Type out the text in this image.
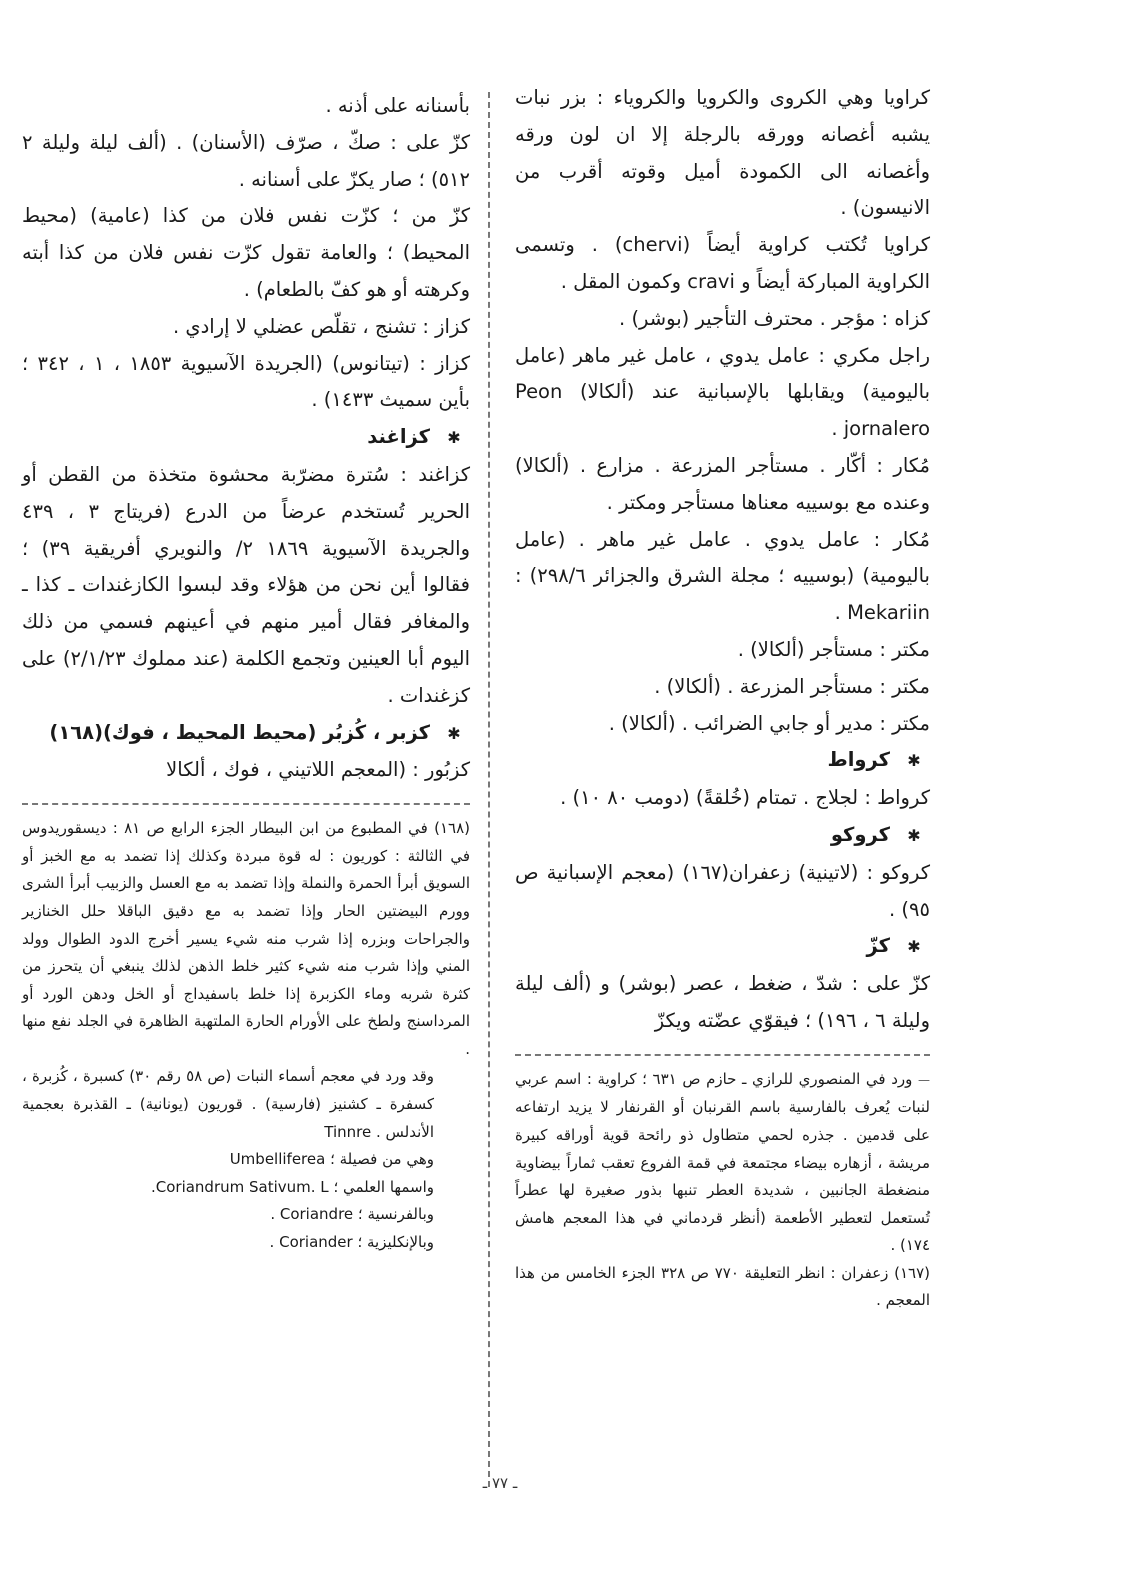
كراويا وهي الكروى والكرويا والكروياء : بزر نبات يشبه أغصانه وورقه بالرجلة إلا ان لون ورقه وأغصانه الى الكمودة أميل وقوته أقرب من الانيسون) .

كراويا تُكتب كراوية أيضاً (chervi) . وتسمى الكراوية المباركة أيضاً و cravi وكمون المقل .

كزاه : مؤجر . محترف التأجير (بوشر) .

راجل مكري : عامل يدوي ، عامل غير ماهر (عامل باليومية) ويقابلها بالإسبانية عند (ألكالا) Peon jornalero .

مُكار : أكّار . مستأجر المزرعة . مزارع . (ألكالا) وعنده مع بوسييه معناها مستأجر ومكتر .

مُكار : عامل يدوي . عامل غير ماهر . (عامل باليومية) (بوسييه ؛ مجلة الشرق والجزائر ٢٩٨/٦) : Mekariin .

مكتر : مستأجر (ألكالا) .

مكتر : مستأجر المزرعة . (ألكالا) .

مكتر : مدير أو جابي الضرائب . (ألكالا) .

✱كرواط

كرواط : لجلاج . تمتام (خُلقةً) (دومب ٨٠ ١٠) .

✱كروكو

كروكو : (لاتينية) زعفران(١٦٧) (معجم الإسبانية ص ٩٥) .

✱كزّ

كزّ على : شدّ ، ضغط ، عصر (بوشر) و (ألف ليلة وليلة ٦ ، ١٩٦) ؛ فيقوّي عضّته ويكزّ

— ورد في المنصوري للرازي ـ حازم ص ٦٣١ ؛ كراوية : اسم عربي لنبات يُعرف بالفارسية باسم القرنبان أو القرنفار لا يزيد ارتفاعه على قدمين . جذره لحمي متطاول ذو رائحة قوية أوراقه كبيرة مريشة ، أزهاره بيضاء مجتمعة في قمة الفروع تعقب ثماراً بيضاوية منضغطة الجانبين ، شديدة العطر تنبها بذور صغيرة لها عطراً تُستعمل لتعطير الأطعمة (أنظر قردماني في هذا المعجم هامش ١٧٤) .

(١٦٧) زعفران : انظر التعليقة ٧٧٠ ص ٣٢٨ الجزء الخامس من هذا المعجم .

بأسنانه على أذنه .

كزّ على : صكّ ، صرّف (الأسنان) . (ألف ليلة وليلة ٢ ٥١٢) ؛ صار يكزّ على أسنانه .

كزّ من ؛ كزّت نفس فلان من كذا (عامية) (محيط المحيط) ؛ والعامة تقول كزّت نفس فلان من كذا أبته وكرهته أو هو كفّ بالطعام) .

كزاز : تشنج ، تقلّص عضلي لا إرادي .

كزاز : (تيتانوس) (الجريدة الآسيوية ١٨٥٣ ، ١ ، ٣٤٢ ؛ بأين سميث ١٤٣٣) .

✱كزاغند

كزاغند : سُترة مضرّبة محشوة متخذة من القطن أو الحرير تُستخدم عرضاً من الدرع (فريتاج ٣ ، ٤٣٩ والجريدة الآسيوية ١٨٦٩ ٢/ والنويري أفريقية ٣٩) ؛ فقالوا أين نحن من هؤلاء وقد لبسوا الكازغندات ـ كذا ـ والمغافر فقال أمير منهم في أعينهم فسمي من ذلك اليوم أبا العينين وتجمع الكلمة (عند مملوك ٢/١/٢٣) على كزغندات .

✱كزبر ، كُزبُر (محيط المحيط ، فوك)(١٦٨)

كزبُور : (المعجم اللاتيني ، فوك ، ألكالا

(١٦٨) في المطبوع من ابن البيطار الجزء الرابع ص ٨١ : ديسقوريدوس في الثالثة : كوريون : له قوة مبردة وكذلك إذا تضمد به مع الخبز أو السويق أبرأ الحمرة والنملة وإذا تضمد به مع العسل والزبيب أبرأ الشرى وورم البيضتين الحار وإذا تضمد به مع دقيق الباقلا حلل الخنازير والجراحات وبزره إذا شرب منه شيء يسير أخرج الدود الطوال وولد المني وإذا شرب منه شيء كثير خلط الذهن لذلك ينبغي أن يتحرز من كثرة شربه وماء الكزبرة إذا خلط باسفيداج أو الخل ودهن الورد أو المرداسنج ولطخ على الأورام الحارة الملتهبة الظاهرة في الجلد نفع منها .

وقد ورد في معجم أسماء النبات (ص ٥٨ رقم ٣٠) كسبرة ، كُزبرة ، كسفرة ـ كشنيز (فارسية) . قوريون (يونانية) ـ القذبرة بعجمية الأندلس . Tinnre

وهي من فصيلة ؛ Umbelliferea

واسمها العلمي ؛ Coriandrum Sativum. L.

وبالفرنسية ؛ Coriandre .

وبالإنكليزية ؛ Coriander .

ـ ٧٧ ـ
